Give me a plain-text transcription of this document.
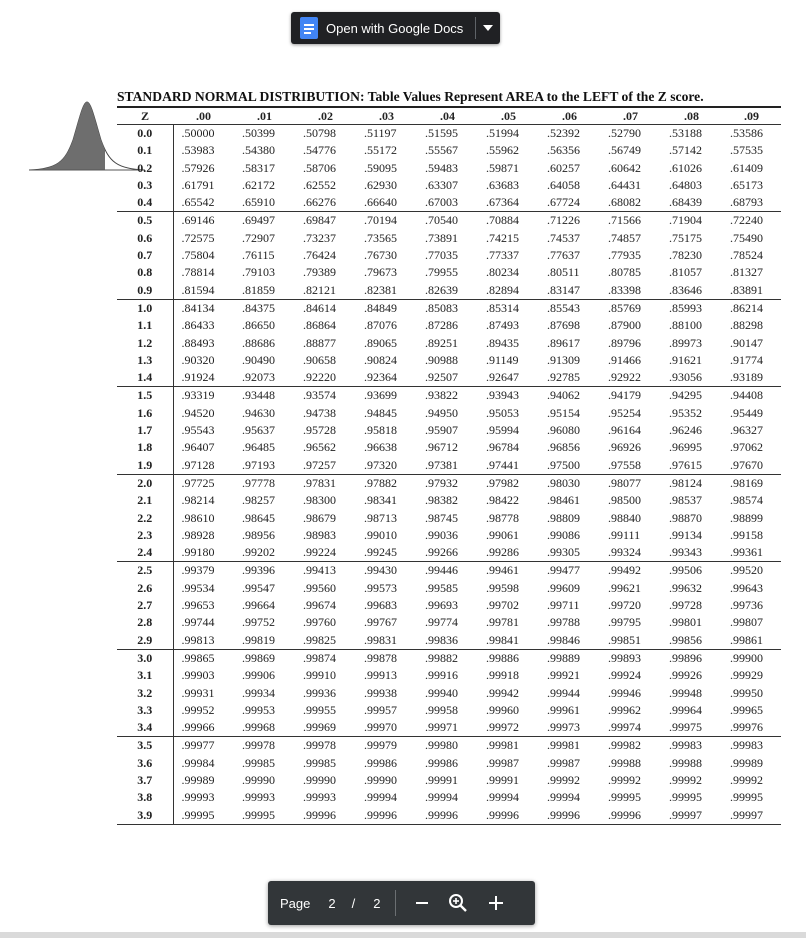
Open with Google Docs
STANDARD NORMAL DISTRIBUTION: Table Values Represent AREA to the LEFT of the Z score.
Z	.00	.01	.02	.03	.04	.05	.06	.07	.08	.09
0.0	.50000	.50399	.50798	.51197	.51595	.51994	.52392	.52790	.53188	.53586
0.1	.53983	.54380	.54776	.55172	.55567	.55962	.56356	.56749	.57142	.57535
0.2	.57926	.58317	.58706	.59095	.59483	.59871	.60257	.60642	.61026	.61409
0.3	.61791	.62172	.62552	.62930	.63307	.63683	.64058	.64431	.64803	.65173
0.4	.65542	.65910	.66276	.66640	.67003	.67364	.67724	.68082	.68439	.68793
0.5	.69146	.69497	.69847	.70194	.70540	.70884	.71226	.71566	.71904	.72240
0.6	.72575	.72907	.73237	.73565	.73891	.74215	.74537	.74857	.75175	.75490
0.7	.75804	.76115	.76424	.76730	.77035	.77337	.77637	.77935	.78230	.78524
0.8	.78814	.79103	.79389	.79673	.79955	.80234	.80511	.80785	.81057	.81327
0.9	.81594	.81859	.82121	.82381	.82639	.82894	.83147	.83398	.83646	.83891
1.0	.84134	.84375	.84614	.84849	.85083	.85314	.85543	.85769	.85993	.86214
1.1	.86433	.86650	.86864	.87076	.87286	.87493	.87698	.87900	.88100	.88298
1.2	.88493	.88686	.88877	.89065	.89251	.89435	.89617	.89796	.89973	.90147
1.3	.90320	.90490	.90658	.90824	.90988	.91149	.91309	.91466	.91621	.91774
1.4	.91924	.92073	.92220	.92364	.92507	.92647	.92785	.92922	.93056	.93189
1.5	.93319	.93448	.93574	.93699	.93822	.93943	.94062	.94179	.94295	.94408
1.6	.94520	.94630	.94738	.94845	.94950	.95053	.95154	.95254	.95352	.95449
1.7	.95543	.95637	.95728	.95818	.95907	.95994	.96080	.96164	.96246	.96327
1.8	.96407	.96485	.96562	.96638	.96712	.96784	.96856	.96926	.96995	.97062
1.9	.97128	.97193	.97257	.97320	.97381	.97441	.97500	.97558	.97615	.97670
2.0	.97725	.97778	.97831	.97882	.97932	.97982	.98030	.98077	.98124	.98169
2.1	.98214	.98257	.98300	.98341	.98382	.98422	.98461	.98500	.98537	.98574
2.2	.98610	.98645	.98679	.98713	.98745	.98778	.98809	.98840	.98870	.98899
2.3	.98928	.98956	.98983	.99010	.99036	.99061	.99086	.99111	.99134	.99158
2.4	.99180	.99202	.99224	.99245	.99266	.99286	.99305	.99324	.99343	.99361
2.5	.99379	.99396	.99413	.99430	.99446	.99461	.99477	.99492	.99506	.99520
2.6	.99534	.99547	.99560	.99573	.99585	.99598	.99609	.99621	.99632	.99643
2.7	.99653	.99664	.99674	.99683	.99693	.99702	.99711	.99720	.99728	.99736
2.8	.99744	.99752	.99760	.99767	.99774	.99781	.99788	.99795	.99801	.99807
2.9	.99813	.99819	.99825	.99831	.99836	.99841	.99846	.99851	.99856	.99861
3.0	.99865	.99869	.99874	.99878	.99882	.99886	.99889	.99893	.99896	.99900
3.1	.99903	.99906	.99910	.99913	.99916	.99918	.99921	.99924	.99926	.99929
3.2	.99931	.99934	.99936	.99938	.99940	.99942	.99944	.99946	.99948	.99950
3.3	.99952	.99953	.99955	.99957	.99958	.99960	.99961	.99962	.99964	.99965
3.4	.99966	.99968	.99969	.99970	.99971	.99972	.99973	.99974	.99975	.99976
3.5	.99977	.99978	.99978	.99979	.99980	.99981	.99981	.99982	.99983	.99983
3.6	.99984	.99985	.99985	.99986	.99986	.99987	.99987	.99988	.99988	.99989
3.7	.99989	.99990	.99990	.99990	.99991	.99991	.99992	.99992	.99992	.99992
3.8	.99993	.99993	.99993	.99994	.99994	.99994	.99994	.99995	.99995	.99995
3.9	.99995	.99995	.99996	.99996	.99996	.99996	.99996	.99996	.99997	.99997
Page 2 / 2
